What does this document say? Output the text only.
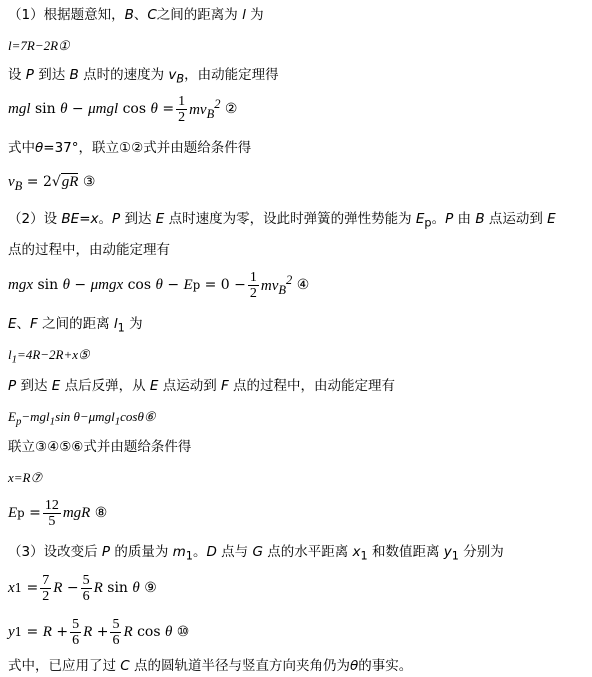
（1）根据题意知，B、C之间的距离为 l 为
l=7R−2R①
设 P 到达 B 点时的速度为 $v_B$，由动能定理得
mgl
sin
θ − μmgl $\cos \theta = \frac{1}{2} mv_B^2$ ②
式中θ=37°，联立①②式并由题给条件得
$v_B = 2√gR$ ③
（2）设 BE=x。P 到达 E 点时速度为零，设此时弹簧的弹性势能为 $E_p$。P 由 B 点运动到 E
点的过程中，由动能定理有
mgx sin θ − μmgx cos θ − E $p = 0 - \frac{1}{2} mv_B^2$ ④
E、F 之间的距离 $l_1$ 为
$l_1=4R-2R+x⑤$
P 到达 E 点后反弹，从 E 点运动到 F 点的过程中，由动能定理有
$E_p-mgl_1\sin$ θ−μmgl$_1$cosθ⑥
联立③④⑤⑥式并由题给条件得
x=R⑦
E $p = \frac{12}{5}$ mgR ⑧
（3）设改变后 P 的质量为 $m_1$。D 点与 G 点的水平距离 $x_1$ 和数值距离 $y_1$ 分别为
x $1 = \frac{7}{2}$ $R - \frac{5}{6}$ R sin θ ⑨
y $1 = R + \frac{5}{6}$ $R + \frac{5}{6}$ R cos θ ⑩
式中，已应用了过 C 点的圆轨道半径与竖直方向夹角仍为θ的事实。
